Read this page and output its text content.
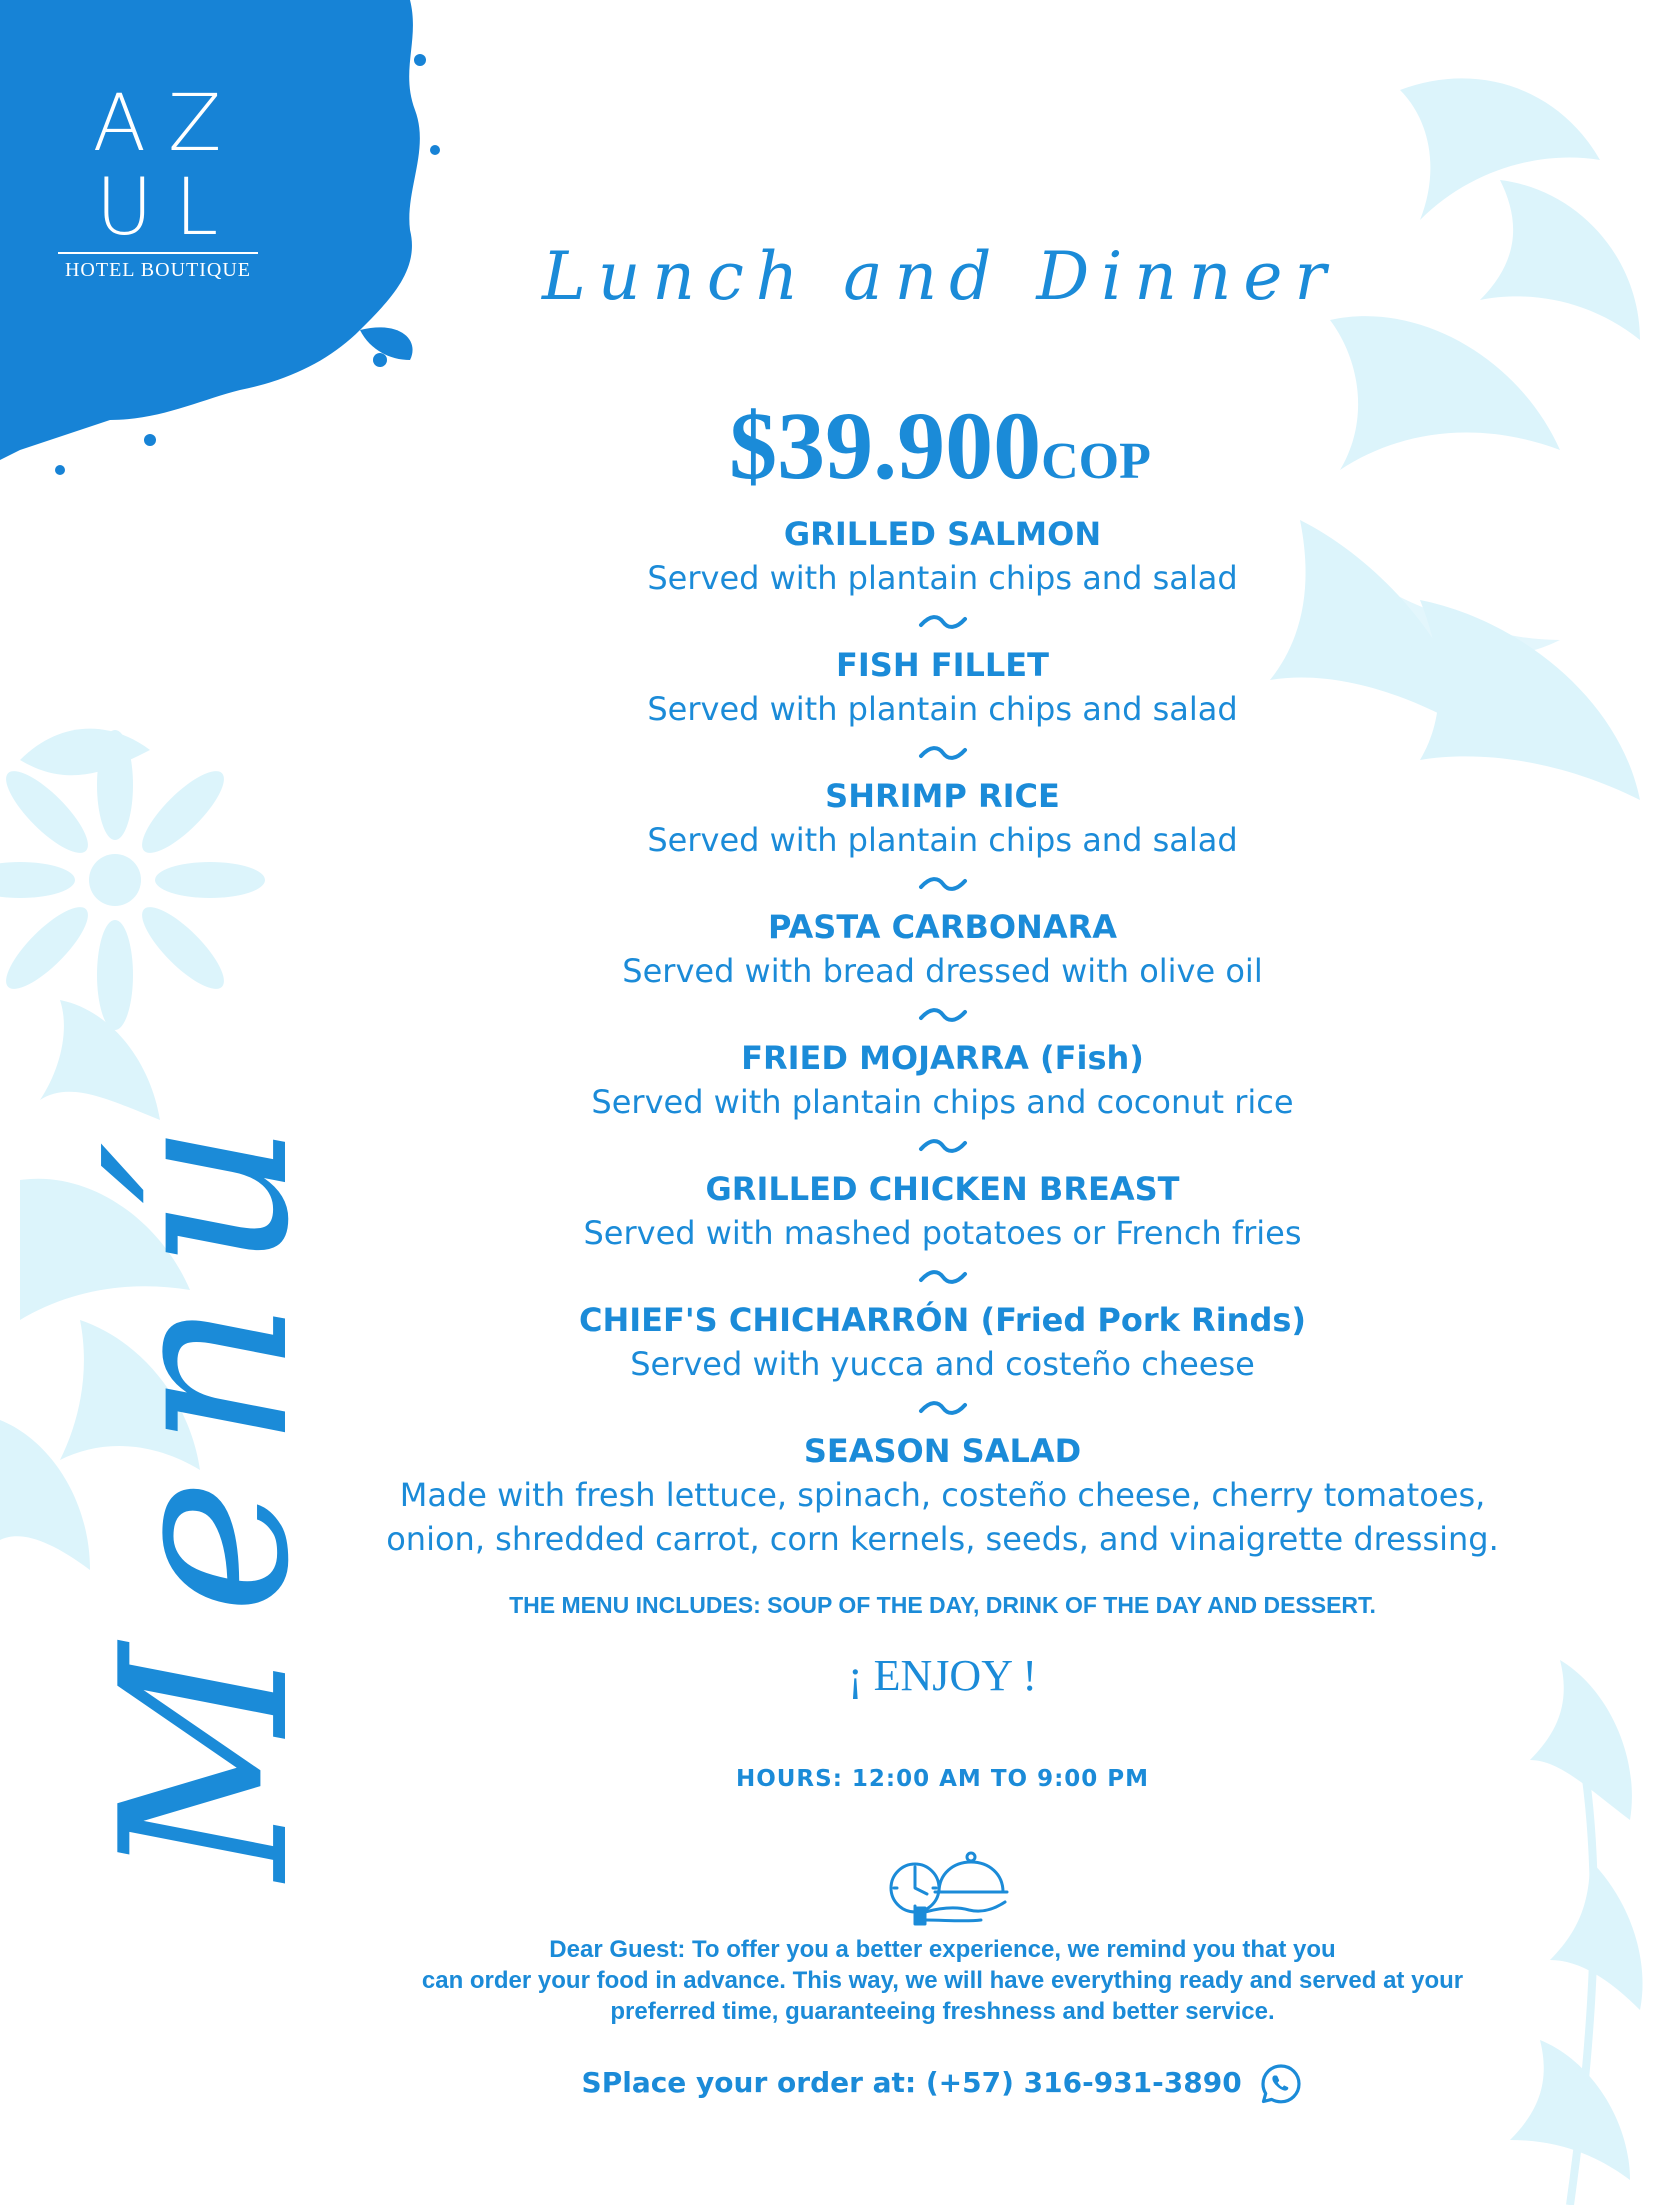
AZ
UL
HOTEL BOUTIQUE
Menú
Lunch and Dinner
$39.900COP
GRILLED SALMON
Served with plantain chips and salad
FISH FILLET
Served with plantain chips and salad
SHRIMP RICE
Served with plantain chips and salad
PASTA CARBONARA
Served with bread dressed with olive oil
FRIED MOJARRA (Fish)
Served with plantain chips and coconut rice
GRILLED CHICKEN BREAST
Served with mashed potatoes or French fries
CHIEF'S CHICHARRÓN (Fried Pork Rinds)
Served with yucca and costeño cheese
SEASON SALAD
Made with fresh lettuce, spinach, costeño cheese, cherry tomatoes,
onion, shredded carrot, corn kernels, seeds, and vinaigrette dressing.
THE MENU INCLUDES: SOUP OF THE DAY, DRINK OF THE DAY AND DESSERT.
¡ ENJOY !
HOURS: 12:00 AM TO 9:00 PM
Dear Guest: To offer you a better experience, we remind you that you
can order your food in advance. This way, we will have everything ready and served at your
preferred time, guaranteeing freshness and better service.
SPlace your order at: (+57) 316-931-3890
